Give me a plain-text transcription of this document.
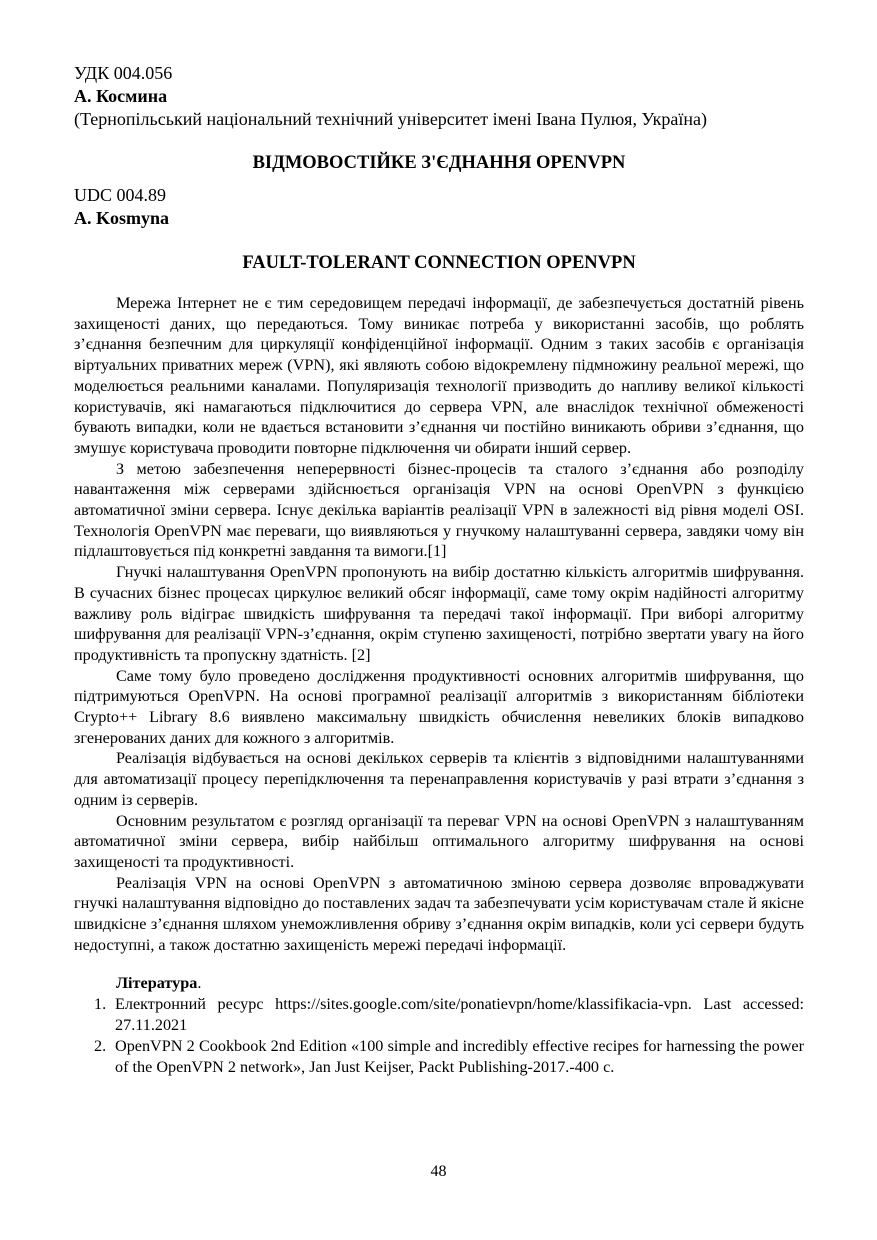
УДК 004.056
А. Космина
(Тернопільський національний технічний університет імені Івана Пулюя, Україна)
ВІДМОВОСТІЙКЕ З'ЄДНАННЯ OPENVPN
UDC 004.89
A. Kosmyna
FAULT-TOLERANT CONNECTION OPENVPN

Мережа Інтернет не є тим середовищем передачі інформації, де забезпечується достатній рівень захищеності даних, що передаються. Тому виникає потреба у використанні засобів, що роблять з’єднання безпечним для циркуляції конфіденційної інформації. Одним з таких засобів є організація віртуальних приватних мереж (VPN), які являють собою відокремлену підмножину реальної мережі, що моделюється реальними каналами. Популяризація технології призводить до напливу великої кількості користувачів, які намагаються підключитися до сервера VPN, але внаслідок технічної обмеженості бувають випадки, коли не вдається встановити з’єднання чи постійно виникають обриви з’єднання, що змушує користувача проводити повторне підключення чи обирати інший сервер.

З метою забезпечення неперервності бізнес-процесів та сталого з’єднання або розподілу навантаження між серверами здійснюється організація VPN на основі OpenVPN з функцією автоматичної зміни сервера. Існує декілька варіантів реалізації VPN в залежності від рівня моделі OSI. Технологія OpenVPN має переваги, що виявляються у гнучкому налаштуванні сервера, завдяки чому він підлаштовується під конкретні завдання та вимоги.[1]

Гнучкі налаштування OpenVPN пропонують на вибір достатню кількість алгоритмів шифрування. В сучасних бізнес процесах циркулює великий обсяг інформації, саме тому окрім надійності алгоритму важливу роль відіграє швидкість шифрування та передачі такої інформації. При виборі алгоритму шифрування для реалізації VPN-з’єднання, окрім ступеню захищеності, потрібно звертати увагу на його продуктивність та пропускну здатність. [2]

Саме тому було проведено дослідження продуктивності основних алгоритмів шифрування, що підтримуються OpenVPN. На основі програмної реалізації алгоритмів з використанням бібліотеки Crypto++ Library 8.6 виявлено максимальну швидкість обчислення невеликих блоків випадково згенерованих даних для кожного з алгоритмів.

Реалізація відбувається на основі декількох серверів та клієнтів з відповідними налаштуваннями для автоматизації процесу перепідключення та перенаправлення користувачів у разі втрати з’єднання з одним із серверів.

Основним результатом є розгляд організації та переваг VPN на основі OpenVPN з налаштуванням автоматичної зміни сервера, вибір найбільш оптимального алгоритму шифрування на основі захищеності та продуктивності.

Реалізація VPN на основі OpenVPN з автоматичною зміною сервера дозволяє впроваджувати гнучкі налаштування відповідно до поставлених задач та забезпечувати усім користувачам стале й якісне швидкісне з’єднання шляхом унеможливлення обриву з’єднання окрім випадків, коли усі сервери будуть недоступні, а також достатню захищеність мережі передачі інформації.

Література.
1. Електронний ресурс https://sites.google.com/site/ponatievpn/home/klassifikacia-vpn. Last accessed: 27.11.2021
2. OpenVPN 2 Cookbook 2nd Edition «100 simple and incredibly effective recipes for harnessing the power of the OpenVPN 2 network», Jan Just Keijser, Packt Publishing-2017.-400 с.
48
